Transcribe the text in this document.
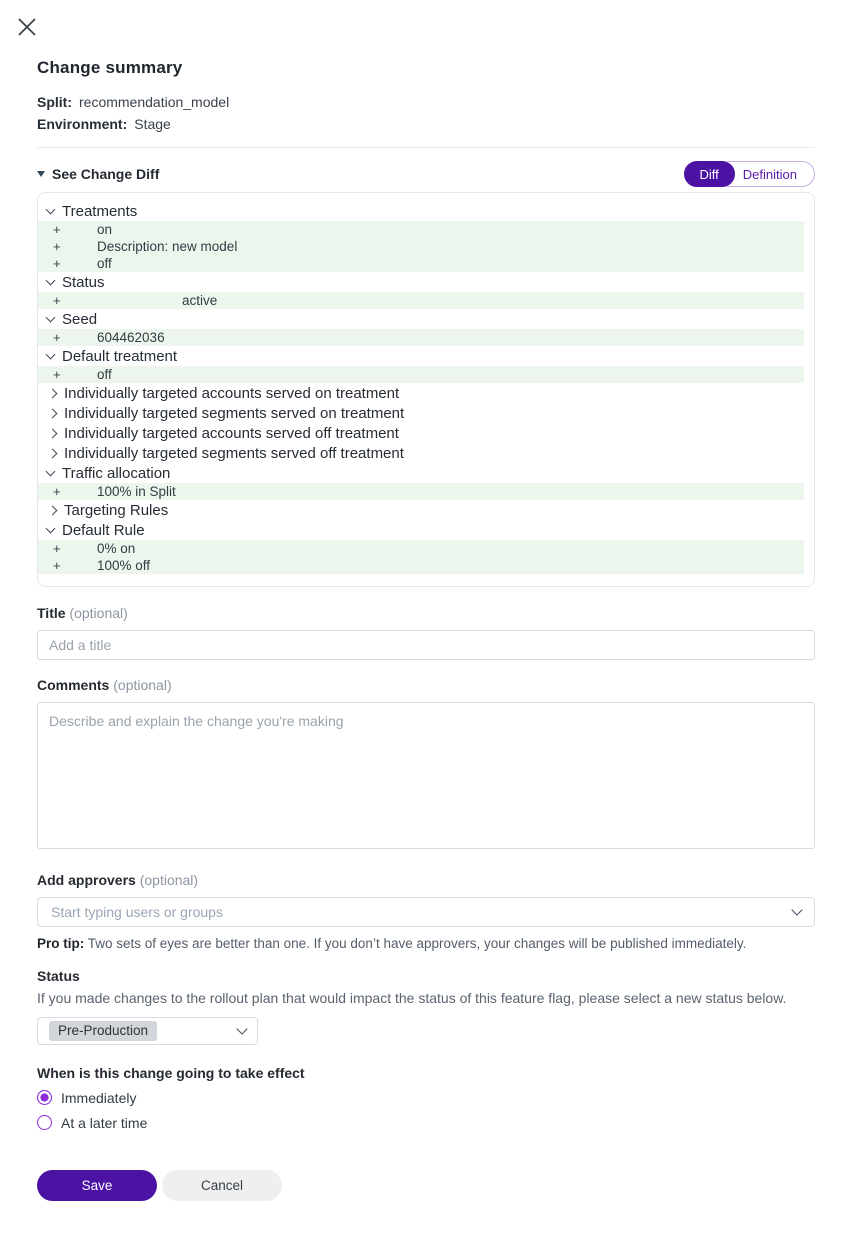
Change summary
Split: recommendation_model
Environment: Stage
See Change Diff	Diff	Definition
Treatments
+	on
+	Description: new model
+	off
Status
+	active
Seed
+	604462036
Default treatment
+	off
Individually targeted accounts served on treatment
Individually targeted segments served on treatment
Individually targeted accounts served off treatment
Individually targeted segments served off treatment
Traffic allocation
+	100% in Split
Targeting Rules
Default Rule
+	0% on
+	100% off
Title (optional)
Add a title
Comments (optional)
Describe and explain the change you're making
Add approvers (optional)
Start typing users or groups

Pro tip: Two sets of eyes are better than one. If you don’t have approvers, your changes will be published immediately.

Status

If you made changes to the rollout plan that would impact the status of this feature flag, please select a new status below.

Pre-Production
When is this change going to take effect
Immediately
At a later time
Save	Cancel
